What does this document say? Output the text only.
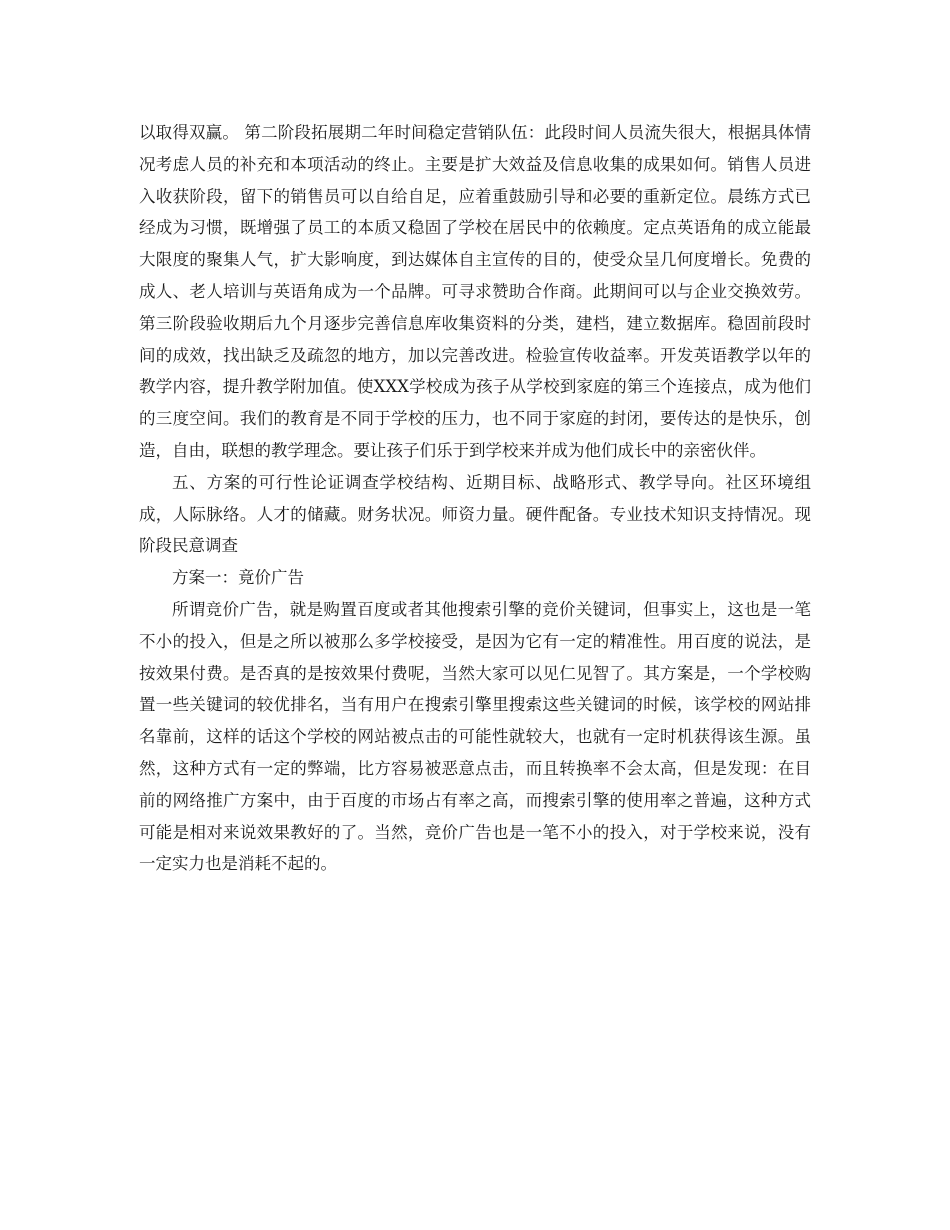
以取得双赢。 第二阶段拓展期二年时间稳定营销队伍：此段时间人员流失很大，根据具体情况考虑人员的补充和本项活动的终止。主要是扩大效益及信息收集的成果如何。销售人员进入收获阶段，留下的销售员可以自给自足，应着重鼓励引导和必要的重新定位。晨练方式已经成为习惯，既增强了员工的本质又稳固了学校在居民中的依赖度。定点英语角的成立能最大限度的聚集人气，扩大影响度，到达媒体自主宣传的目的，使受众呈几何度增长。免费的成人、老人培训与英语角成为一个品牌。可寻求赞助合作商。此期间可以与企业交换效劳。第三阶段验收期后九个月逐步完善信息库收集资料的分类，建档，建立数据库。稳固前段时间的成效，找出缺乏及疏忽的地方，加以完善改进。检验宣传收益率。开发英语教学以年的教学内容，提升教学附加值。使XXX学校成为孩子从学校到家庭的第三个连接点，成为他们的三度空间。我们的教育是不同于学校的压力，也不同于家庭的封闭，要传达的是快乐，创造，自由，联想的教学理念。要让孩子们乐于到学校来并成为他们成长中的亲密伙伴。

五、方案的可行性论证调查学校结构、近期目标、战略形式、教学导向。社区环境组成，人际脉络。人才的储藏。财务状况。师资力量。硬件配备。专业技术知识支持情况。现阶段民意调查

方案一：竟价广告

所谓竞价广告，就是购置百度或者其他搜索引擎的竞价关键词，但事实上，这也是一笔不小的投入，但是之所以被那么多学校接受，是因为它有一定的精准性。用百度的说法，是按效果付费。是否真的是按效果付费呢，当然大家可以见仁见智了。其方案是，一个学校购置一些关键词的较优排名，当有用户在搜索引擎里搜索这些关键词的时候，该学校的网站排名靠前，这样的话这个学校的网站被点击的可能性就较大，也就有一定时机获得该生源。虽然，这种方式有一定的弊端，比方容易被恶意点击，而且转换率不会太高，但是发现：在目前的网络推广方案中，由于百度的市场占有率之高，而搜索引擎的使用率之普遍，这种方式可能是相对来说效果教好的了。当然，竞价广告也是一笔不小的投入，对于学校来说，没有一定实力也是消耗不起的。
